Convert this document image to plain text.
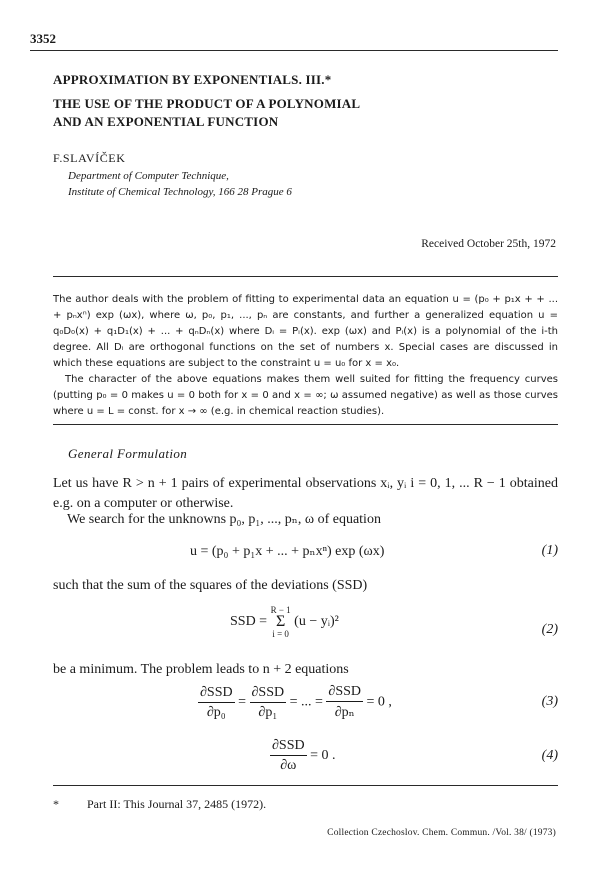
3352
APPROXIMATION BY EXPONENTIALS. III.*
THE USE OF THE PRODUCT OF A POLYNOMIAL
AND AN EXPONENTIAL FUNCTION
F.SLAVÍČEK
Department of Computer Technique,
Institute of Chemical Technology, 166 28 Prague 6
Received October 25th, 1972

The author deals with the problem of fitting to experimental data an equation u = (p₀ + p₁x + + ... + pₙxⁿ) exp (ωx), where ω, p₀, p₁, ..., pₙ are constants, and further a generalized equation u = q₀D₀(x) + q₁D₁(x) + ... + qₙDₙ(x) where Dᵢ = Pᵢ(x). exp (ωx) and Pᵢ(x) is a polynomial of the i-th degree. All Dᵢ are orthogonal functions on the set of numbers x. Special cases are discussed in which these equations are subject to the constraint u = u₀ for x = x₀.

The character of the above equations makes them well suited for fitting the frequency curves (putting p₀ = 0 makes u = 0 both for x = 0 and x = ∞; ω assumed negative) as well as those curves where u = L = const. for x → ∞ (e.g. in chemical reaction studies).

General Formulation
Let us have R > n + 1 pairs of experimental observations xᵢ, yᵢ i = 0, 1, ... R − 1 obtained e.g. on a computer or otherwise.
We search for the unknowns p₀, p₁, ..., pₙ, ω of equation
u = (p₀ + p₁x + ... + pₙxⁿ) exp (ωx)	(1)
such that the sum of the squares of the deviations (SSD)
SSD =
R − 1
Σ
i = 0
(u − yᵢ)²
(2)
be a minimum. The problem leads to n + 2 equations
$\frac{\text{∂SSD}}{\text{∂p₀}} = \frac{\text{∂SSD}}{\text{∂p₁}}$ = ... = $\frac{\text{∂SSD}}{\text{∂pₙ}} = 0$ ,	(3)
$\frac{\text{∂SSD}}{\partial\omega} = 0$ .	(4)
* Part II: This Journal 37, 2485 (1972).
Collection Czechoslov. Chem. Commun. /Vol. 38/ (1973)
